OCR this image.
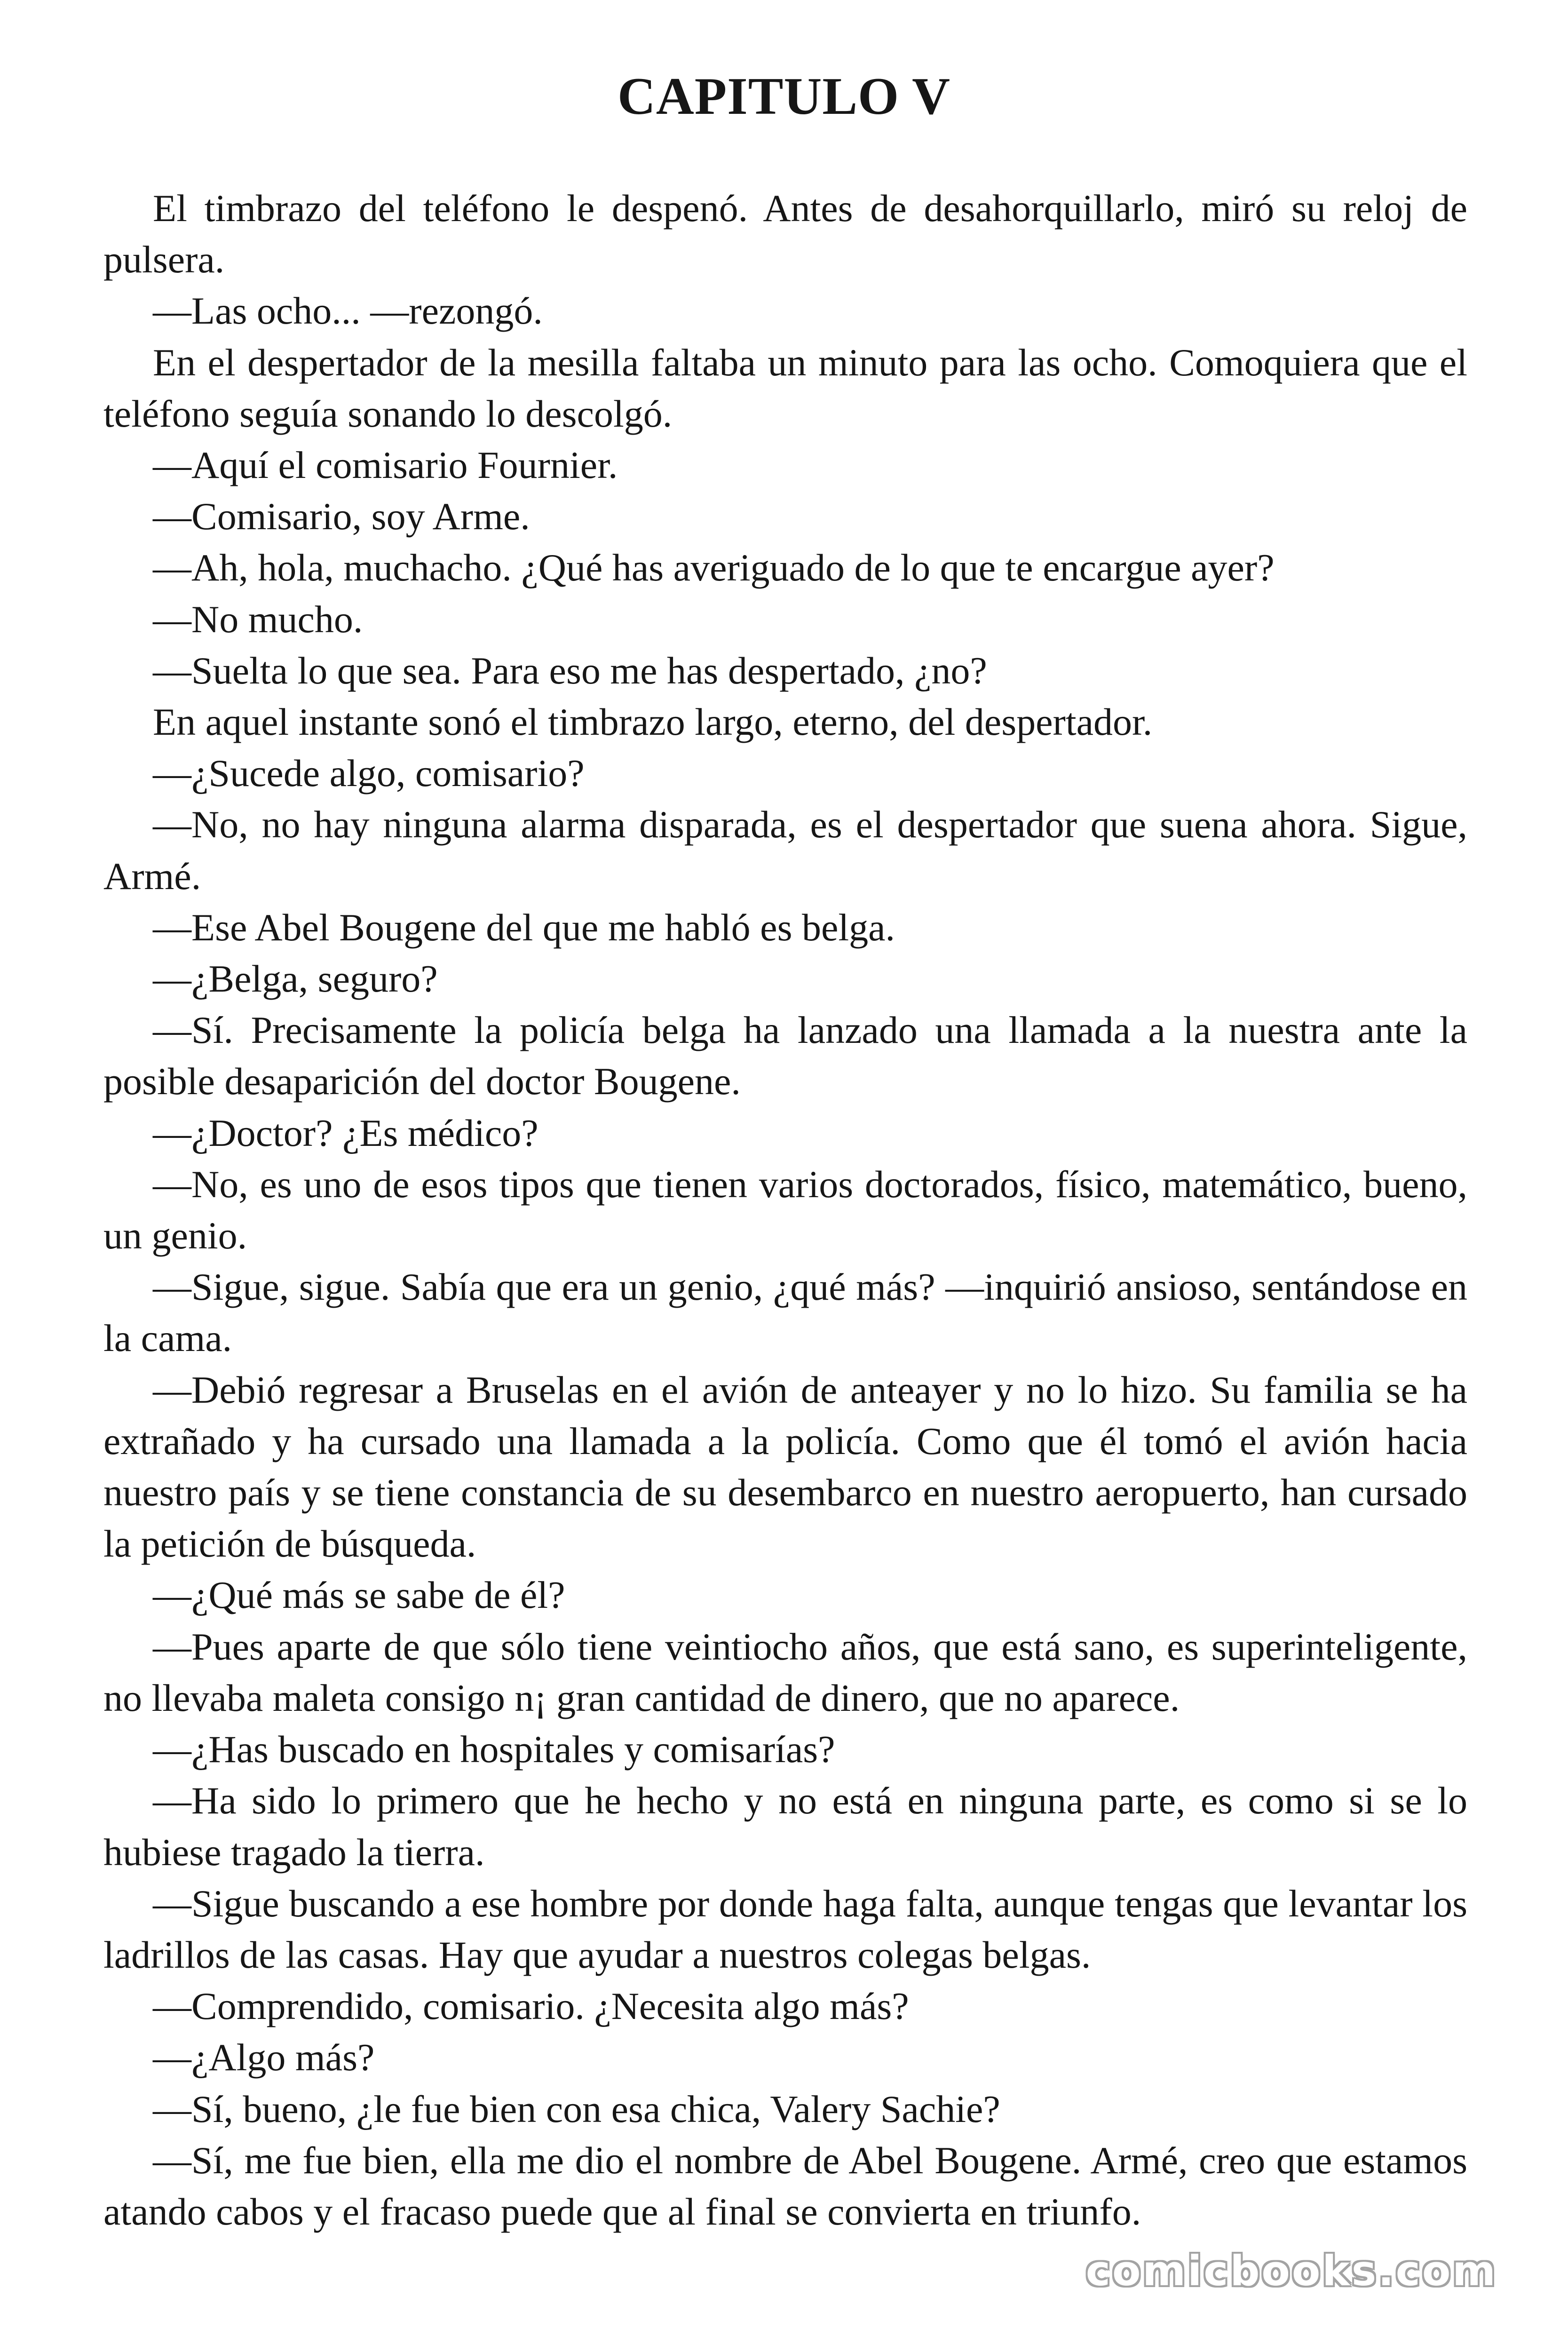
CAPITULO V

El timbrazo del teléfono le despenó. Antes de desahorquillarlo, miró su reloj de pulsera.

—Las ocho... —rezongó.

En el despertador de la mesilla faltaba un minuto para las ocho. Comoquiera que el teléfono seguía sonando lo descolgó.

—Aquí el comisario Fournier.

—Comisario, soy Arme.

—Ah, hola, muchacho. ¿Qué has averiguado de lo que te encargue ayer?

—No mucho.

—Suelta lo que sea. Para eso me has despertado, ¿no?

En aquel instante sonó el timbrazo largo, eterno, del despertador.

—¿Sucede algo, comisario?

—No, no hay ninguna alarma disparada, es el despertador que suena ahora. Sigue, Armé.

—Ese Abel Bougene del que me habló es belga.

—¿Belga, seguro?

—Sí. Precisamente la policía belga ha lanzado una llamada a la nuestra ante la posible desaparición del doctor Bougene.

—¿Doctor? ¿Es médico?

—No, es uno de esos tipos que tienen varios doctorados, físico, matemático, bueno, un genio.

—Sigue, sigue. Sabía que era un genio, ¿qué más? —inquirió ansioso, sentándose en la cama.

—Debió regresar a Bruselas en el avión de anteayer y no lo hizo. Su familia se ha extrañado y ha cursado una llamada a la policía. Como que él tomó el avión hacia nuestro país y se tiene constancia de su desembarco en nuestro aeropuerto, han cursado la petición de búsqueda.

—¿Qué más se sabe de él?

—Pues aparte de que sólo tiene veintiocho años, que está sano, es superinteligente, no llevaba maleta consigo n¡ gran cantidad de dinero, que no aparece.

—¿Has buscado en hospitales y comisarías?

—Ha sido lo primero que he hecho y no está en ninguna parte, es como si se lo hubiese tragado la tierra.

—Sigue buscando a ese hombre por donde haga falta, aunque tengas que levantar los ladrillos de las casas. Hay que ayudar a nuestros colegas belgas.

—Comprendido, comisario. ¿Necesita algo más?

—¿Algo más?

—Sí, bueno, ¿le fue bien con esa chica, Valery Sachie?

—Sí, me fue bien, ella me dio el nombre de Abel Bougene. Armé, creo que estamos atando cabos y el fracaso puede que al final se convierta en triunfo.

comicbooks.com
